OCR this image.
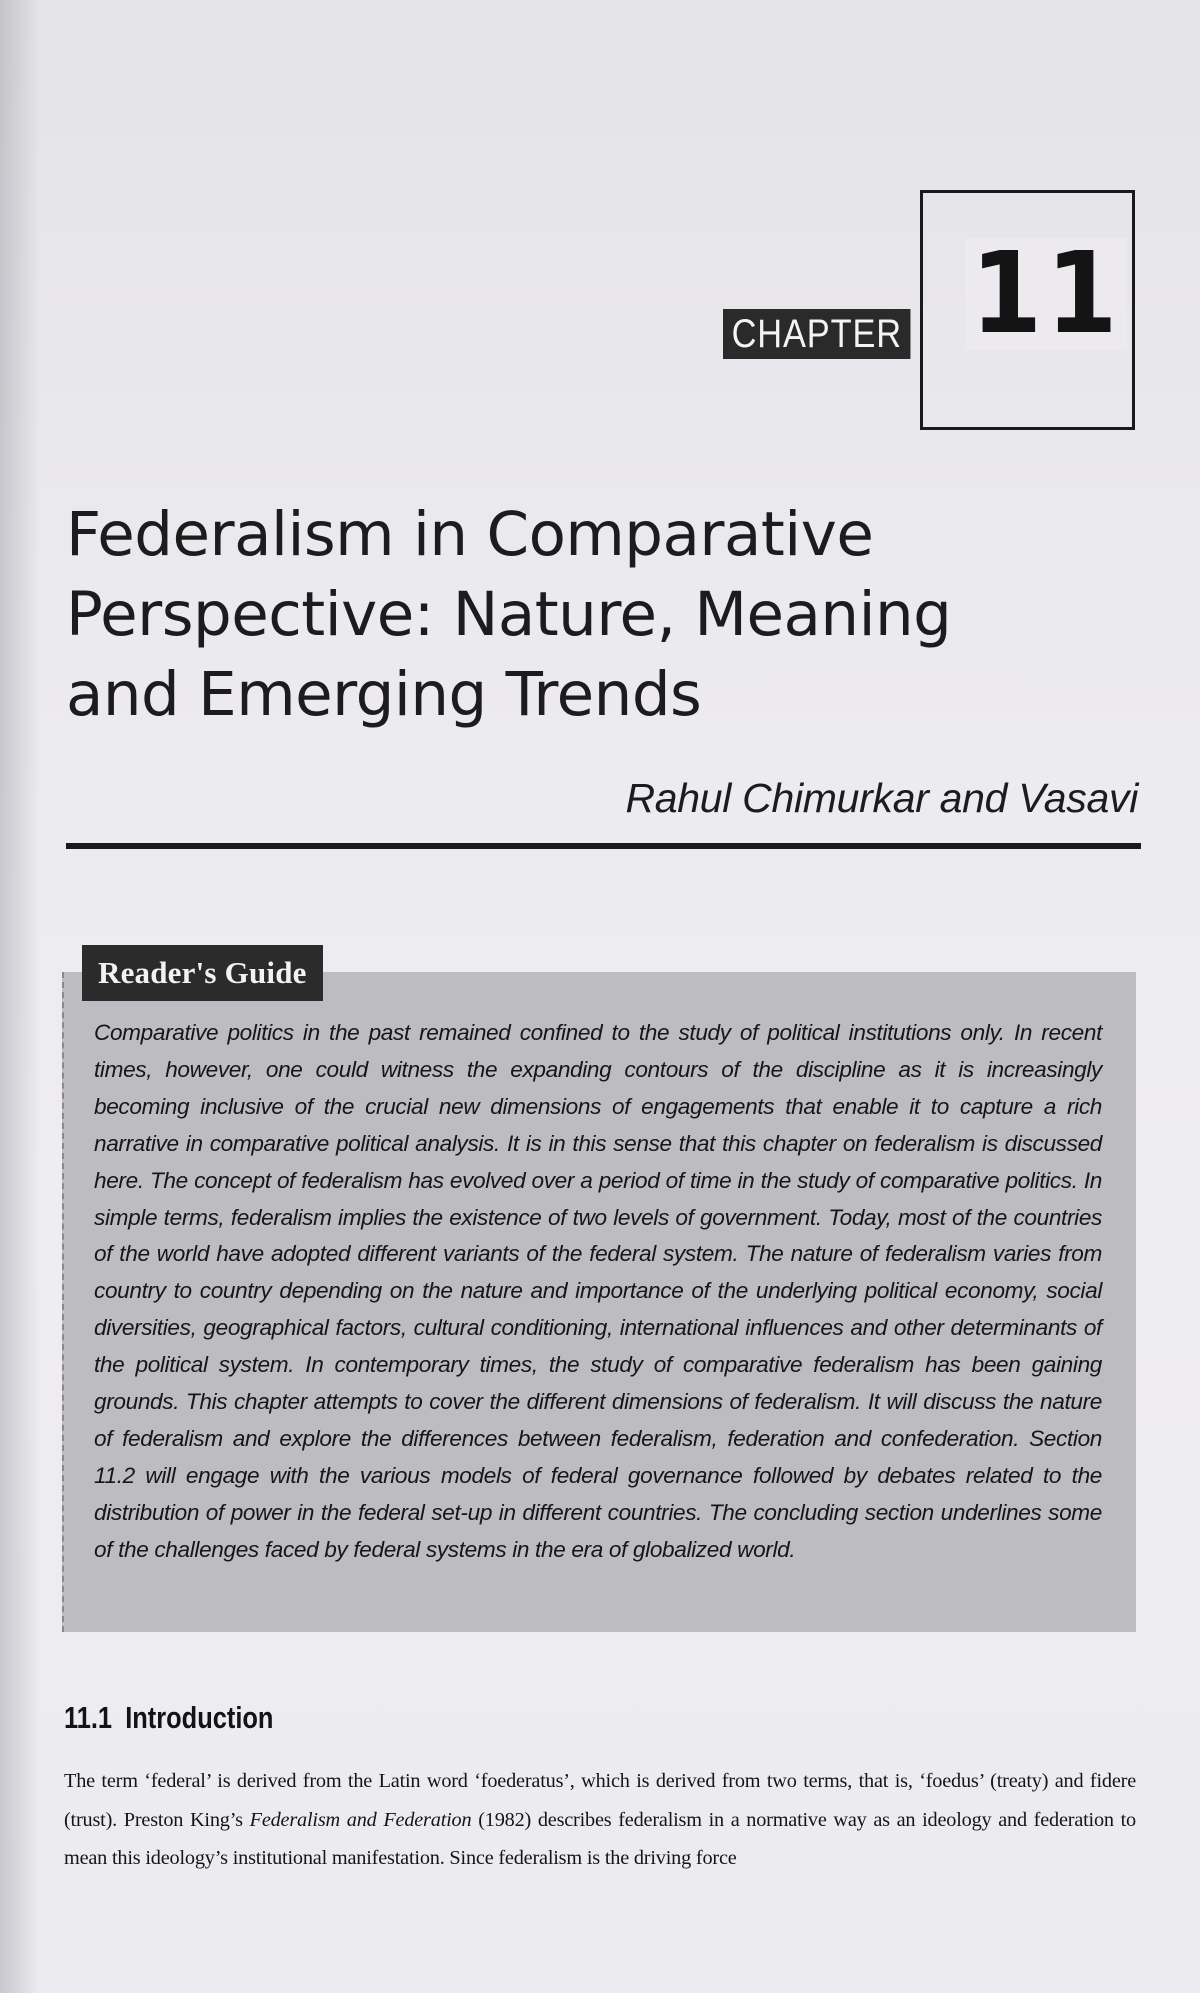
11
CHAPTER
Federalism in Comparative Perspective: Nature, Meaning and Emerging Trends
Rahul Chimurkar and Vasavi
Reader's Guide

Comparative politics in the past remained confined to the study of political institutions only. In recent times, however, one could witness the expanding contours of the discipline as it is increasingly becoming inclusive of the crucial new dimensions of engagements that enable it to capture a rich narrative in comparative political analysis. It is in this sense that this chapter on federalism is discussed here. The concept of federalism has evolved over a period of time in the study of comparative politics. In simple terms, federalism implies the existence of two levels of government. Today, most of the countries of the world have adopted different variants of the federal system. The nature of federalism varies from country to country depending on the nature and importance of the underlying political economy, social diversities, geographical factors, cultural conditioning, international influences and other determinants of the political system. In contemporary times, the study of comparative federalism has been gaining grounds. This chapter attempts to cover the different dimensions of federalism. It will discuss the nature of federalism and explore the differences between federalism, federation and confederation. Section 11.2 will engage with the various models of federal governance followed by debates related to the distribution of power in the federal set-up in different countries. The concluding section underlines some of the challenges faced by federal systems in the era of globalized world.

11.1 Introduction

The term ‘federal’ is derived from the Latin word ‘foederatus’, which is derived from two terms, that is, ‘foedus’ (treaty) and fidere (trust). Preston King’s Federalism and Federation (1982) describes federalism in a normative way as an ideology and federation to mean this ideology’s institutional manifestation. Since federalism is the driving force
